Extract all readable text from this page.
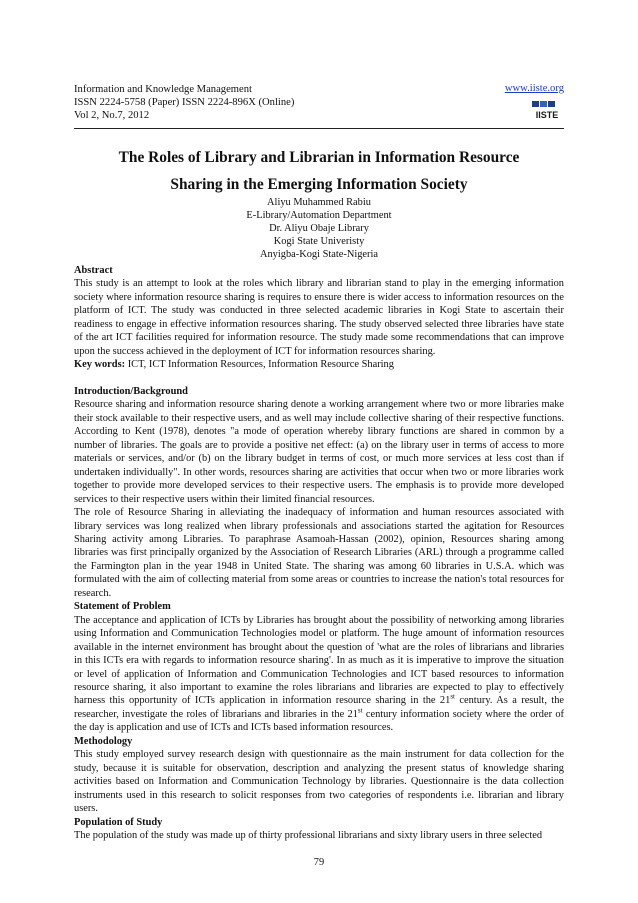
Information and Knowledge Management
ISSN 2224-5758 (Paper) ISSN 2224-896X (Online)
Vol 2, No.7, 2012
www.iiste.org
IISTE
The Roles of Library and Librarian in Information Resource
Sharing in the Emerging Information Society
Aliyu Muhammed Rabiu
E-Library/Automation Department
Dr. Aliyu Obaje Library
Kogi State Univeristy
Anyigba-Kogi State-Nigeria
Abstract

This study is an attempt to look at the roles which library and librarian stand to play in the emerging information society where information resource sharing is requires to ensure there is wider access to information resources on the platform of ICT. The study was conducted in three selected academic libraries in Kogi State to ascertain their readiness to engage in effective information resources sharing. The study observed selected three libraries have state of the art ICT facilities required for information resource. The study made some recommendations that can improve upon the success achieved in the deployment of ICT for information resources sharing.

Key words: ICT, ICT Information Resources, Information Resource Sharing

Introduction/Background

Resource sharing and information resource sharing denote a working arrangement where two or more libraries make their stock available to their respective users, and as well may include collective sharing of their respective functions. According to Kent (1978), denotes "a mode of operation whereby library functions are shared in common by a number of libraries. The goals are to provide a positive net effect: (a) on the library user in terms of access to more materials or services, and/or (b) on the library budget in terms of cost, or much more services at less cost than if undertaken individually". In other words, resources sharing are activities that occur when two or more libraries work together to provide more developed services to their respective users. The emphasis is to provide more developed services to their respective users within their limited financial resources.

The role of Resource Sharing in alleviating the inadequacy of information and human resources associated with library services was long realized when library professionals and associations started the agitation for Resources Sharing activity among Libraries. To paraphrase Asamoah-Hassan (2002), opinion, Resources sharing among libraries was first principally organized by the Association of Research Libraries (ARL) through a programme called the Farmington plan in the year 1948 in United State. The sharing was among 60 libraries in U.S.A. which was formulated with the aim of collecting material from some areas or countries to increase the nation's total resources for research.

Statement of Problem

The acceptance and application of ICTs by Libraries has brought about the possibility of networking among libraries using Information and Communication Technologies model or platform. The huge amount of information resources available in the internet environment has brought about the question of 'what are the roles of librarians and libraries in this ICTs era with regards to information resource sharing'. In as much as it is imperative to improve the situation or level of application of Information and Communication Technologies and ICT based resources to information resource sharing, it also important to examine the roles librarians and libraries are expected to play to effectively harness this opportunity of ICTs application in information resource sharing in the 21st century. As a result, the researcher, investigate the roles of librarians and libraries in the 21st century information society where the order of the day is application and use of ICTs and ICTs based information resources.

Methodology

This study employed survey research design with questionnaire as the main instrument for data collection for the study, because it is suitable for observation, description and analyzing the present status of knowledge sharing activities based on Information and Communication Technology by libraries. Questionnaire is the data collection instruments used in this research to solicit responses from two categories of respondents i.e. librarian and library users.

Population of Study

The population of the study was made up of thirty professional librarians and sixty library users in three selected

79
